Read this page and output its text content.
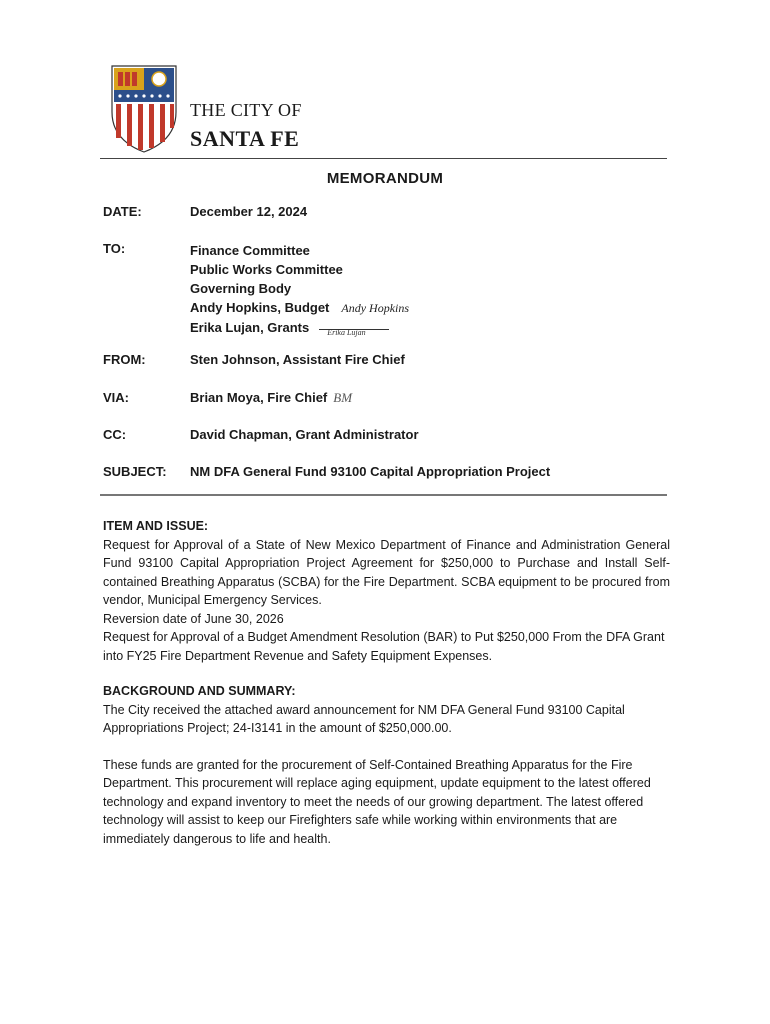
THE CITY OF
SANTA FE
MEMORANDUM
DATE:	December 12, 2024
TO:	Finance Committee
Public Works Committee
Governing Body
Andy Hopkins, Budget Andy Hopkins
Erika Lujan, Grants Erika Lujan
FROM:	Sten Johnson, Assistant Fire Chief
VIA:	Brian Moya, Fire Chief BM
CC:	David Chapman, Grant Administrator
SUBJECT: NM DFA General Fund 93100 Capital Appropriation Project

ITEM AND ISSUE:

Request for Approval of a State of New Mexico Department of Finance and Administration General Fund 93100 Capital Appropriation Project Agreement for $250,000 to Purchase and Install Self-contained Breathing Apparatus (SCBA) for the Fire Department. SCBA equipment to be procured from vendor, Municipal Emergency Services.

Reversion date of June 30, 2026

Request for Approval of a Budget Amendment Resolution (BAR) to Put $250,000 From the DFA Grant into FY25 Fire Department Revenue and Safety Equipment Expenses.

BACKGROUND AND SUMMARY:

The City received the attached award announcement for NM DFA General Fund 93100 Capital Appropriations Project; 24-I3141 in the amount of $250,000.00.

These funds are granted for the procurement of Self-Contained Breathing Apparatus for the Fire Department. This procurement will replace aging equipment, update equipment to the latest offered technology and expand inventory to meet the needs of our growing department. The latest offered technology will assist to keep our Firefighters safe while working within environments that are immediately dangerous to life and health.
